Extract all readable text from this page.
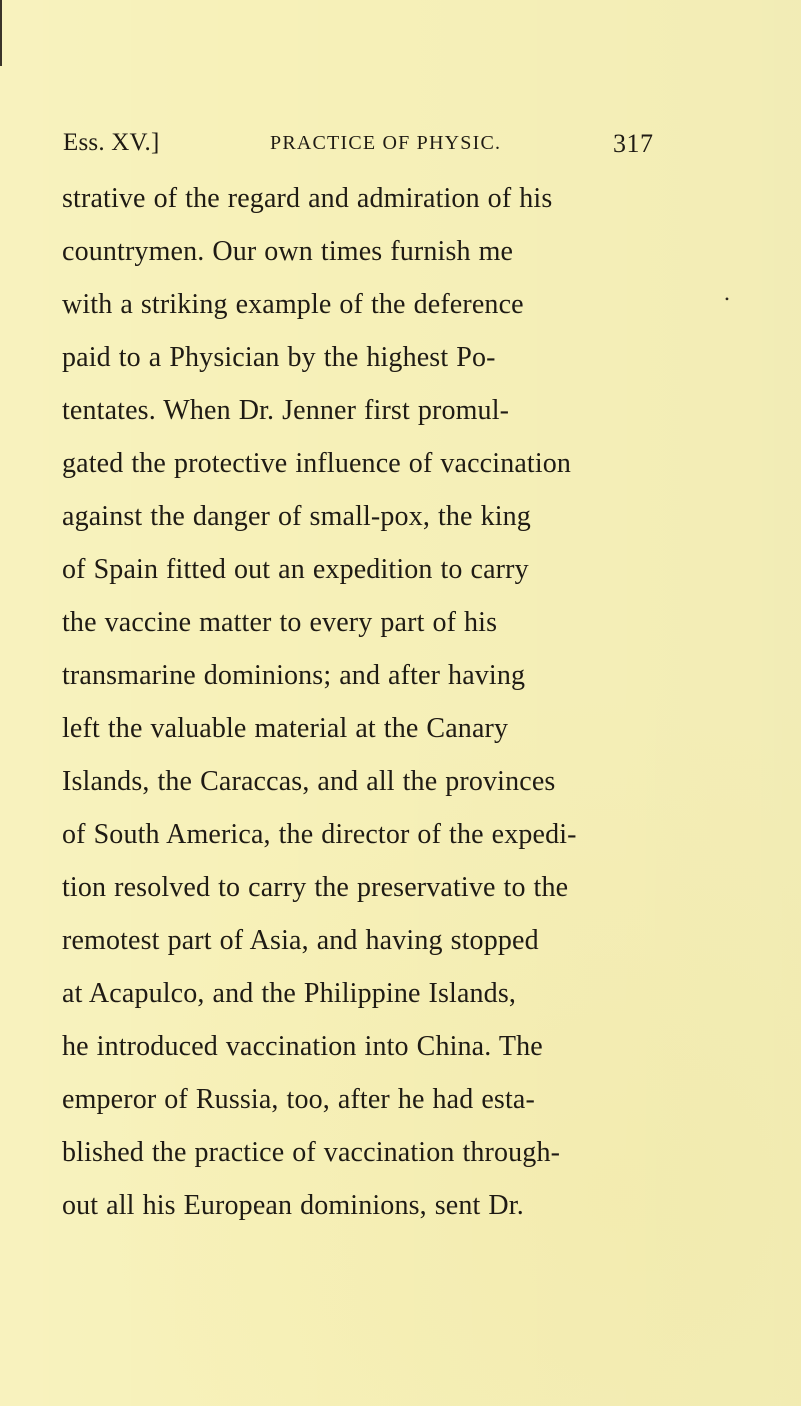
Ess. XV.]	PRACTICE OF PHYSIC.	317
strative of the regard and admiration of his
countrymen. Our own times furnish me
with a striking example of the deference
paid to a Physician by the highest Po-
tentates. When Dr. Jenner first promul-
gated the protective influence of vaccination
against the danger of small-pox, the king
of Spain fitted out an expedition to carry
the vaccine matter to every part of his
transmarine dominions; and after having
left the valuable material at the Canary
Islands, the Caraccas, and all the provinces
of South America, the director of the expedi-
tion resolved to carry the preservative to the
remotest part of Asia, and having stopped
at Acapulco, and the Philippine Islands,
he introduced vaccination into China. The
emperor of Russia, too, after he had esta-
blished the practice of vaccination through-
out all his European dominions, sent Dr.
•
